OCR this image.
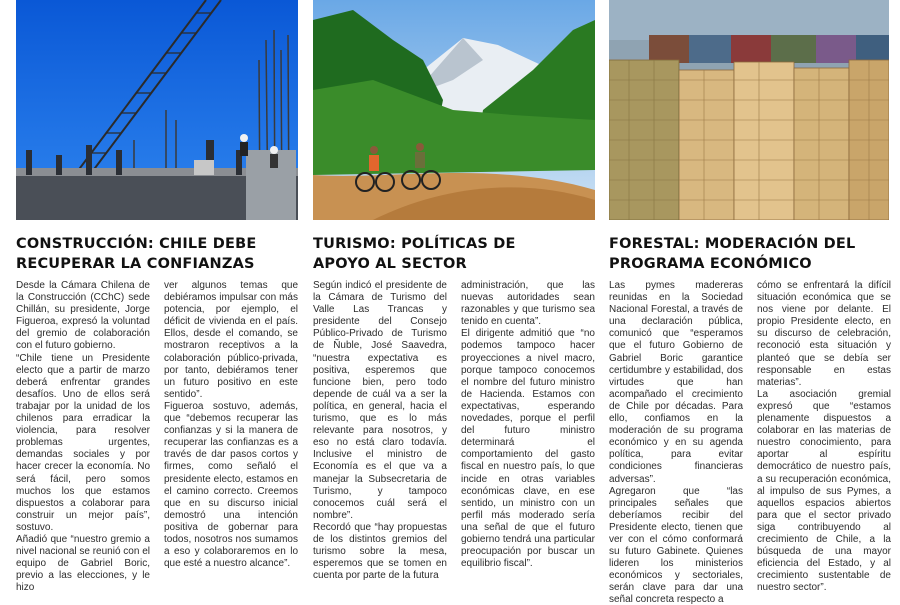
CONSTRUCCIÓN: CHILE DEBE
RECUPERAR LA CONFIANZAS

Desde la Cámara Chilena de la Construcción (CChC) sede Chillán, su presidente, Jorge Figueroa, expresó la voluntad del gremio de colaboración con el futuro gobierno.

“Chile tiene un Presidente electo que a partir de marzo deberá enfrentar grandes desafíos. Uno de ellos será trabajar por la unidad de los chilenos para erradicar la violencia, para resolver problemas urgentes, demandas sociales y por hacer crecer la economía. No será fácil, pero somos muchos los que estamos dispuestos a colaborar para construir un mejor país”, sostuvo.

Añadió que “nuestro gremio a nivel nacional se reunió con el equipo de Gabriel Boric, previo a las elecciones, y le hizo

ver algunos temas que debiéramos impulsar con más potencia, por ejemplo, el déficit de vivienda en el país. Ellos, desde el comando, se mostraron receptivos a la colaboración público-privada, por tanto, debiéramos tener un futuro positivo en este sentido”.

Figueroa sostuvo, además, que “debemos recuperar las confianzas y si la manera de recuperar las confianzas es a través de dar pasos cortos y firmes, como señaló el presidente electo, estamos en el camino correcto. Creemos que en su discurso inicial demostró una intención positiva de gobernar para todos, nosotros nos sumamos a eso y colaboraremos en lo que esté a nuestro alcance”.

TURISMO: POLÍTICAS DE
APOYO AL SECTOR

Según indicó el presidente de la Cámara de Turismo del Valle Las Trancas y presidente del Consejo Público-Privado de Turismo de Ñuble, José Saavedra, “nuestra expectativa es positiva, esperemos que funcione bien, pero todo depende de cuál va a ser la política, en general, hacia el turismo, que es lo más relevante para nosotros, y eso no está claro todavía. Inclusive el ministro de Economía es el que va a manejar la Subsecretaria de Turismo, y tampoco conocemos cuál será el nombre”.

Recordó que “hay propuestas de los distintos gremios del turismo sobre la mesa, esperemos que se tomen en cuenta por parte de la futura

administración, que las nuevas autoridades sean razonables y que turismo sea tenido en cuenta”.

El dirigente admitió que “no podemos tampoco hacer proyecciones a nivel macro, porque tampoco conocemos el nombre del futuro ministro de Hacienda. Estamos con expectativas, esperando novedades, porque el perfil del futuro ministro determinará el comportamiento del gasto fiscal en nuestro país, lo que incide en otras variables económicas clave, en ese sentido, un ministro con un perfil más moderado sería una señal de que el futuro gobierno tendrá una particular preocupación por buscar un equilibrio fiscal”.

FORESTAL: MODERACIÓN DEL
PROGRAMA ECONÓMICO

Las pymes madereras reunidas en la Sociedad Nacional Forestal, a través de una declaración pública, comunicó que “esperamos que el futuro Gobierno de Gabriel Boric garantice certidumbre y estabilidad, dos virtudes que han acompañado el crecimiento de Chile por décadas. Para ello, confiamos en la moderación de su programa económico y en su agenda política, para evitar condiciones financieras adversas”.

Agregaron que “las principales señales que deberíamos recibir del Presidente electo, tienen que ver con el cómo conformará su futuro Gabinete. Quienes lideren los ministerios económicos y sectoriales, serán clave para dar una señal concreta respecto a

cómo se enfrentará la difícil situación económica que se nos viene por delante. El propio Presidente electo, en su discurso de celebración, reconoció esta situación y planteó que se debía ser responsable en estas materias”.

La asociación gremial expresó que “estamos plenamente dispuestos a colaborar en las materias de nuestro conocimiento, para aportar al espíritu democrático de nuestro país, a su recuperación económica, al impulso de sus Pymes, a aquellos espacios abiertos para que el sector privado siga contribuyendo al crecimiento de Chile, a la búsqueda de una mayor eficiencia del Estado, y al crecimiento sustentable de nuestro sector”.
